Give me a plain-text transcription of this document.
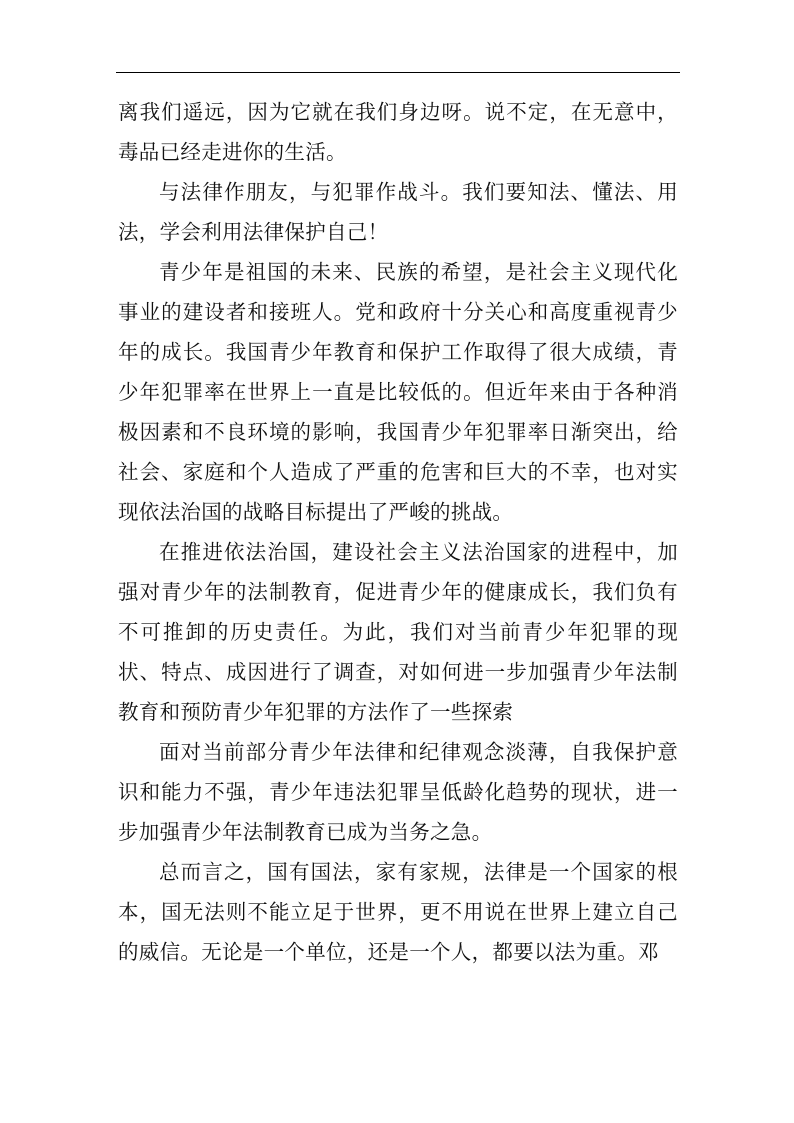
离我们遥远，因为它就在我们身边呀。说不定，在无意中，毒品已经走进你的生活。

与法律作朋友，与犯罪作战斗。我们要知法、懂法、用法，学会利用法律保护自己！

青少年是祖国的未来、民族的希望，是社会主义现代化事业的建设者和接班人。党和政府十分关心和高度重视青少年的成长。我国青少年教育和保护工作取得了很大成绩，青少年犯罪率在世界上一直是比较低的。但近年来由于各种消极因素和不良环境的影响，我国青少年犯罪率日渐突出，给社会、家庭和个人造成了严重的危害和巨大的不幸，也对实现依法治国的战略目标提出了严峻的挑战。

在推进依法治国，建设社会主义法治国家的进程中，加强对青少年的法制教育，促进青少年的健康成长，我们负有不可推卸的历史责任。为此，我们对当前青少年犯罪的现状、特点、成因进行了调查，对如何进一步加强青少年法制教育和预防青少年犯罪的方法作了一些探索

面对当前部分青少年法律和纪律观念淡薄，自我保护意识和能力不强，青少年违法犯罪呈低龄化趋势的现状，进一步加强青少年法制教育已成为当务之急。

总而言之，国有国法，家有家规，法律是一个国家的根本，国无法则不能立足于世界，更不用说在世界上建立自己的威信。无论是一个单位，还是一个人，都要以法为重。邓
